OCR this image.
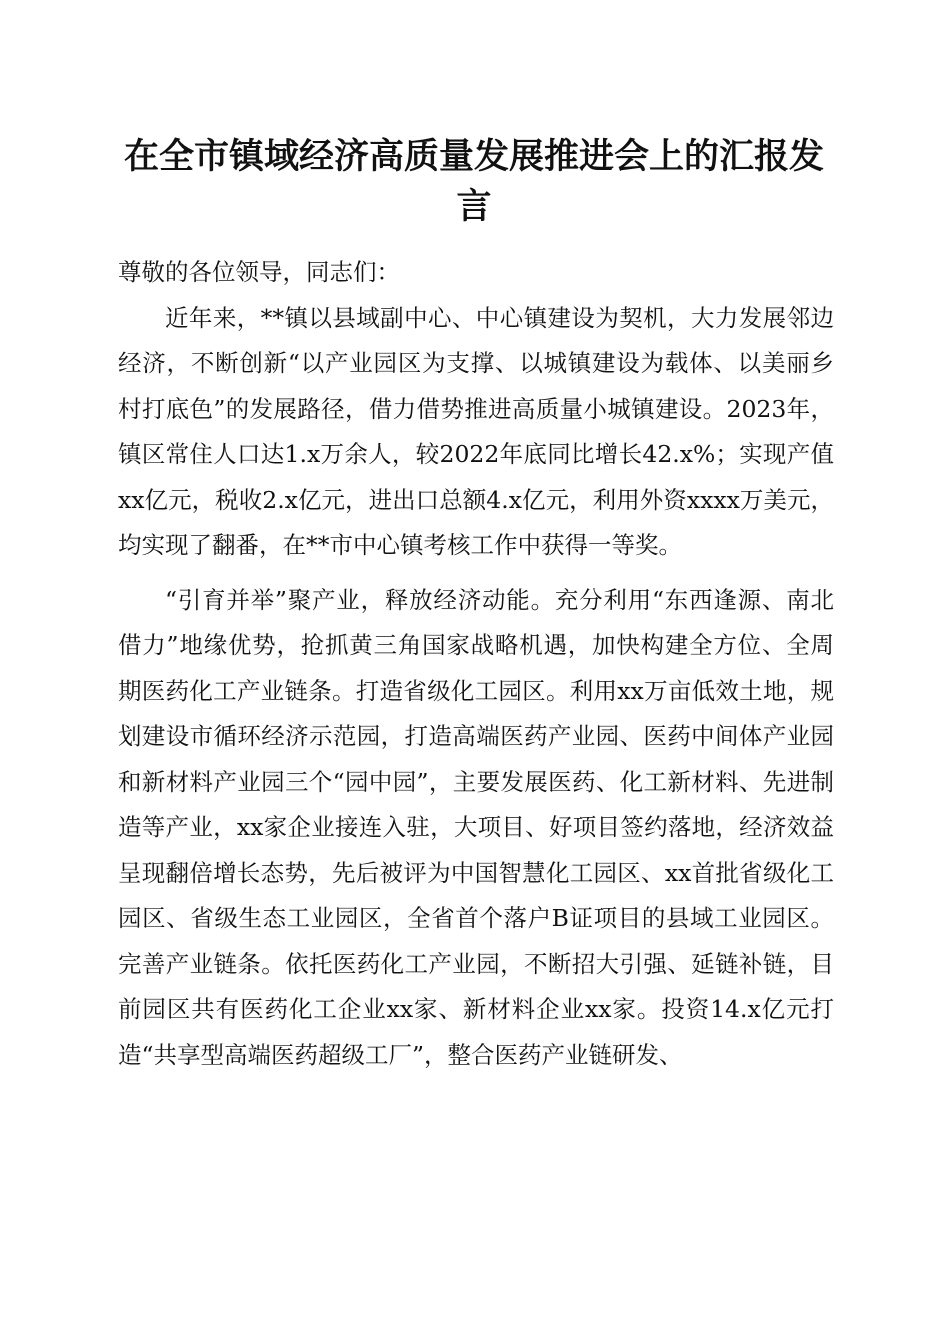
在全市镇域经济高质量发展推进会上的汇报发言

尊敬的各位领导，同志们：

近年来，**镇以县域副中心、中心镇建设为契机，大力发展邻边经济，不断创新“以产业园区为支撑、以城镇建设为载体、以美丽乡村打底色”的发展路径，借力借势推进高质量小城镇建设。2023年，镇区常住人口达1.x万余人，较2022年底同比增长42.x%；实现产值xx亿元，税收2.x亿元，进出口总额4.x亿元，利用外资xxxx万美元，均实现了翻番，在**市中心镇考核工作中获得一等奖。

“引育并举”聚产业，释放经济动能。充分利用“东西逢源、南北借力”地缘优势，抢抓黄三角国家战略机遇，加快构建全方位、全周期医药化工产业链条。打造省级化工园区。利用xx万亩低效土地，规划建设市循环经济示范园，打造高端医药产业园、医药中间体产业园和新材料产业园三个“园中园”，主要发展医药、化工新材料、先进制造等产业，xx家企业接连入驻，大项目、好项目签约落地，经济效益呈现翻倍增长态势，先后被评为中国智慧化工园区、xx首批省级化工园区、省级生态工业园区，全省首个落户B证项目的县域工业园区。完善产业链条。依托医药化工产业园，不断招大引强、延链补链，目前园区共有医药化工企业xx家、新材料企业xx家。投资14.x亿元打造“共享型高端医药超级工厂”，整合医药产业链研发、
